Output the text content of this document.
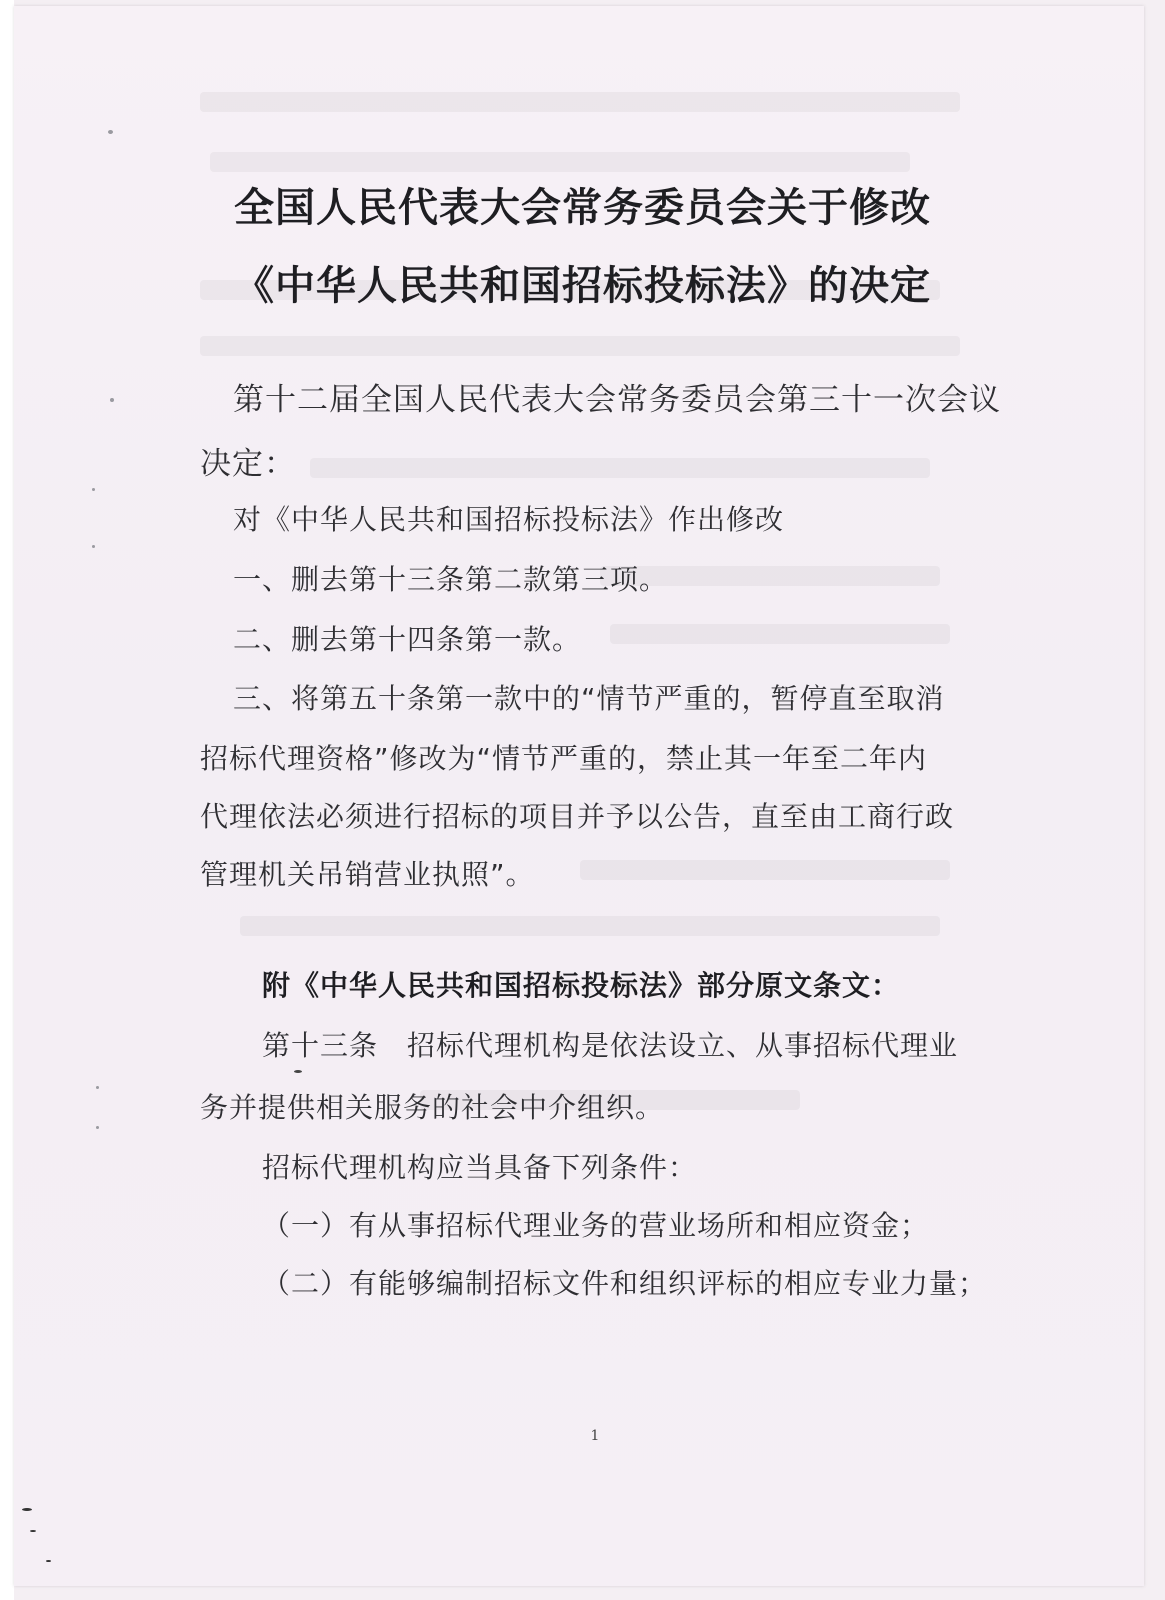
全国人民代表大会常务委员会关于修改
《中华人民共和国招标投标法》的决定
第十二届全国人民代表大会常务委员会第三十一次会议
决定：
对《中华人民共和国招标投标法》作出修改
一、删去第十三条第二款第三项。
二、删去第十四条第一款。
三、将第五十条第一款中的“情节严重的，暂停直至取消
招标代理资格”修改为“情节严重的，禁止其一年至二年内
代理依法必须进行招标的项目并予以公告，直至由工商行政
管理机关吊销营业执照”。
附《中华人民共和国招标投标法》部分原文条文：
第十三条　招标代理机构是依法设立、从事招标代理业
务并提供相关服务的社会中介组织。
招标代理机构应当具备下列条件：
（一）有从事招标代理业务的营业场所和相应资金；
（二）有能够编制招标文件和组织评标的相应专业力量；
1
